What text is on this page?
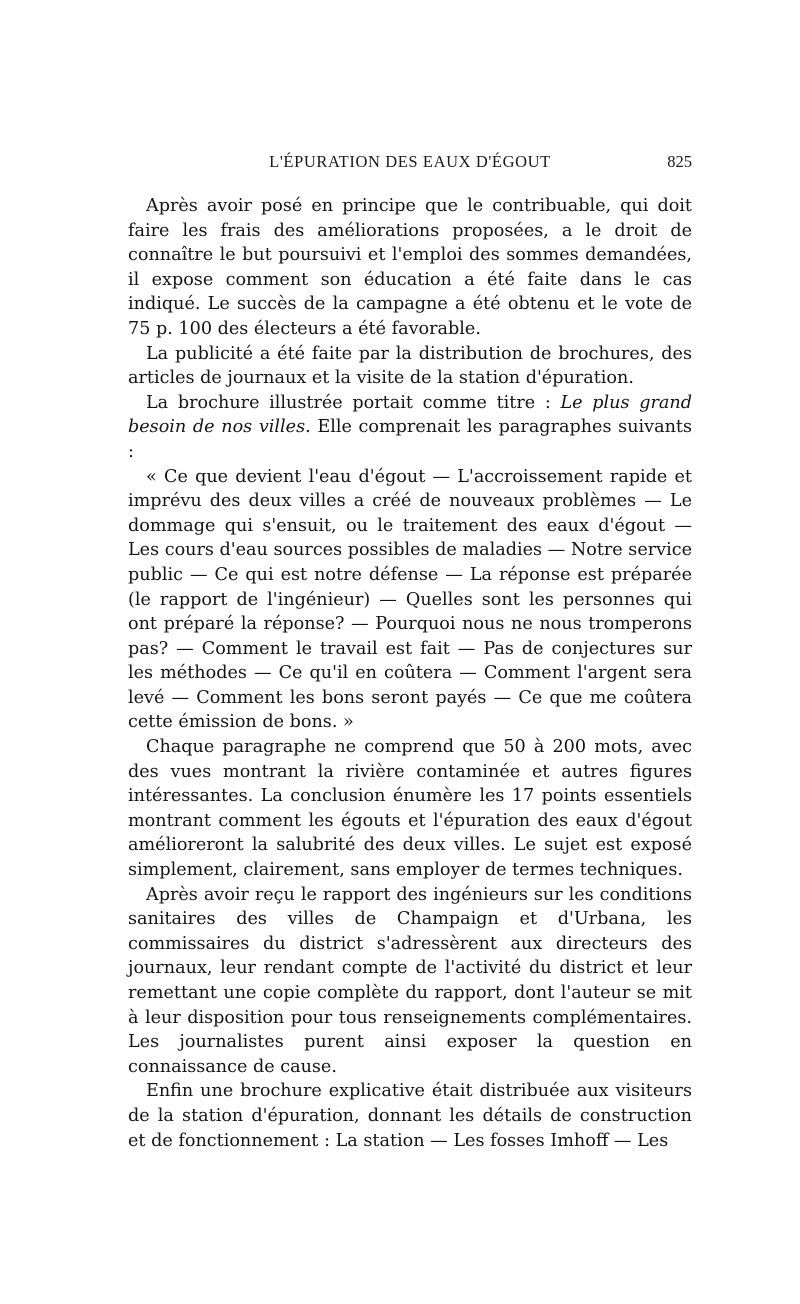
L'ÉPURATION DES EAUX D'ÉGOUT	825

Après avoir posé en principe que le contribuable, qui doit faire les frais des améliorations proposées, a le droit de connaître le but poursuivi et l'emploi des sommes demandées, il expose comment son éducation a été faite dans le cas indiqué. Le succès de la campagne a été obtenu et le vote de 75 p. 100 des électeurs a été favorable.

La publicité a été faite par la distribution de brochures, des articles de journaux et la visite de la station d'épuration.

La brochure illustrée portait comme titre : Le plus grand besoin de nos villes. Elle comprenait les paragraphes suivants :

« Ce que devient l'eau d'égout — L'accroissement rapide et imprévu des deux villes a créé de nouveaux problèmes — Le dommage qui s'ensuit, ou le traitement des eaux d'égout — Les cours d'eau sources possibles de maladies — Notre service public — Ce qui est notre défense — La réponse est préparée (le rapport de l'ingénieur) — Quelles sont les personnes qui ont préparé la réponse? — Pourquoi nous ne nous tromperons pas? — Comment le travail est fait — Pas de conjectures sur les méthodes — Ce qu'il en coûtera — Comment l'argent sera levé — Comment les bons seront payés — Ce que me coûtera cette émission de bons. »

Chaque paragraphe ne comprend que 50 à 200 mots, avec des vues montrant la rivière contaminée et autres figures intéressantes. La conclusion énumère les 17 points essentiels montrant comment les égouts et l'épuration des eaux d'égout amélioreront la salubrité des deux villes. Le sujet est exposé simplement, clairement, sans employer de termes techniques.

Après avoir reçu le rapport des ingénieurs sur les conditions sanitaires des villes de Champaign et d'Urbana, les commissaires du district s'adressèrent aux directeurs des journaux, leur rendant compte de l'activité du district et leur remettant une copie complète du rapport, dont l'auteur se mit à leur disposition pour tous renseignements complémentaires. Les journalistes purent ainsi exposer la question en connaissance de cause.

Enfin une brochure explicative était distribuée aux visiteurs de la station d'épuration, donnant les détails de construction et de fonctionnement : La station — Les fosses Imhoff — Les
